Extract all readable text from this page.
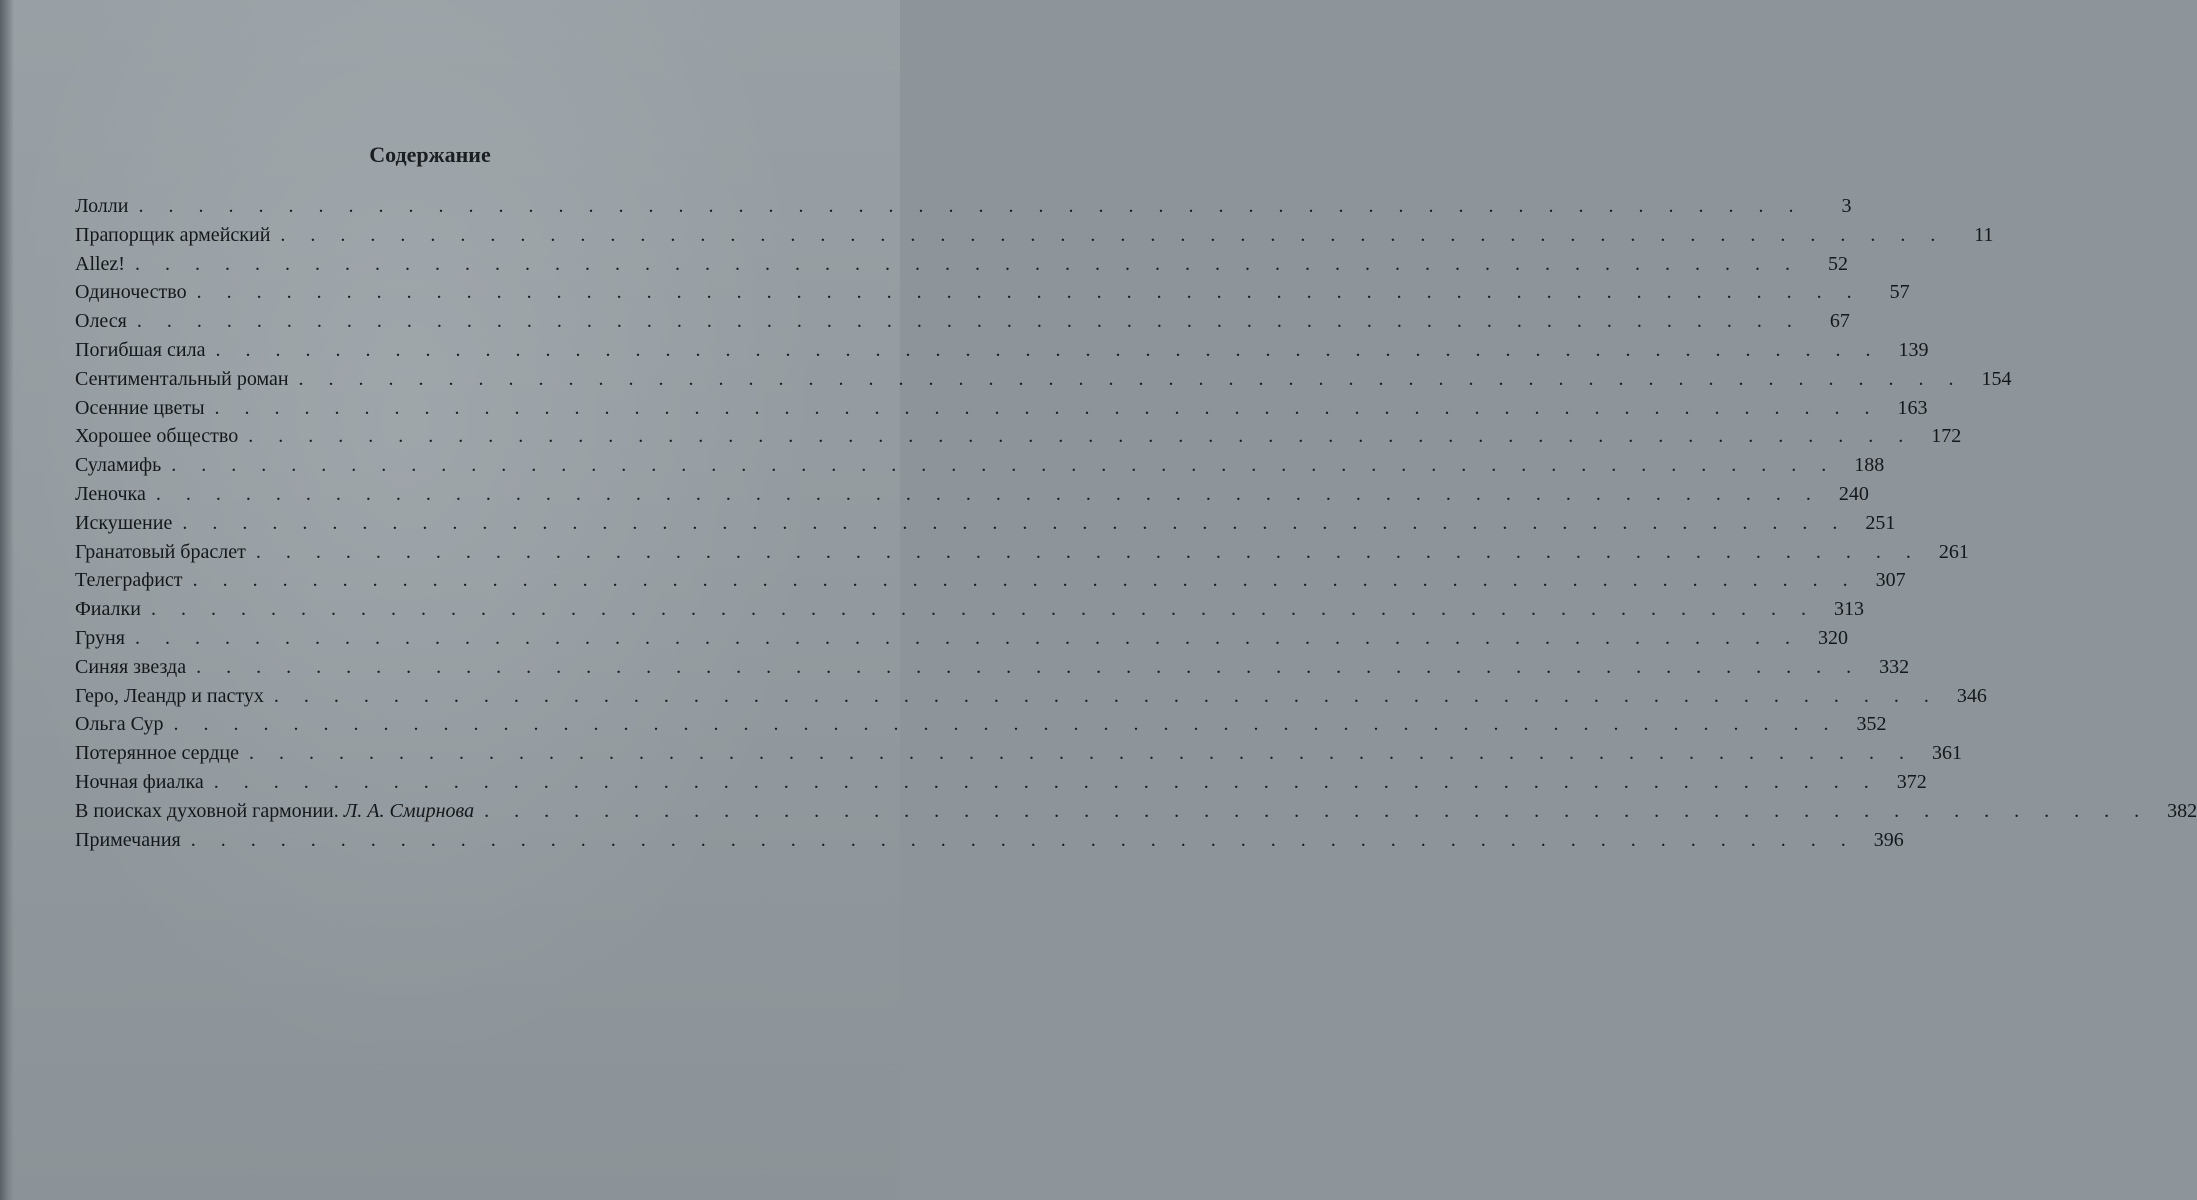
Содержание
Лолли . . . . . . . . . . . . . . . . . . . . . . . . . . . . . . . . . . . . . . . . . . . . . . . . . . . . . . . .	3
Прапорщик армейский . . . . . . . . . . . . . . . . . . . . . . . . . . . . . . . . . . . . . . . . . . . . . . . . . . . . . . . .	11
Allez! . . . . . . . . . . . . . . . . . . . . . . . . . . . . . . . . . . . . . . . . . . . . . . . . . . . . . . . .	52
Одиночество . . . . . . . . . . . . . . . . . . . . . . . . . . . . . . . . . . . . . . . . . . . . . . . . . . . . . . . .	57
Олеся . . . . . . . . . . . . . . . . . . . . . . . . . . . . . . . . . . . . . . . . . . . . . . . . . . . . . . . .	67
Погибшая сила . . . . . . . . . . . . . . . . . . . . . . . . . . . . . . . . . . . . . . . . . . . . . . . . . . . . . . . . 139
Сентиментальный роман . . . . . . . . . . . . . . . . . . . . . . . . . . . . . . . . . . . . . . . . . . . . . . . . . . . . . . . . 154
Осенние цветы . . . . . . . . . . . . . . . . . . . . . . . . . . . . . . . . . . . . . . . . . . . . . . . . . . . . . . . . 163
Хорошее общество . . . . . . . . . . . . . . . . . . . . . . . . . . . . . . . . . . . . . . . . . . . . . . . . . . . . . . . . 172
Суламифь . . . . . . . . . . . . . . . . . . . . . . . . . . . . . . . . . . . . . . . . . . . . . . . . . . . . . . . . 188
Леночка . . . . . . . . . . . . . . . . . . . . . . . . . . . . . . . . . . . . . . . . . . . . . . . . . . . . . . . . 240
Искушение . . . . . . . . . . . . . . . . . . . . . . . . . . . . . . . . . . . . . . . . . . . . . . . . . . . . . . . . 251
Гранатовый браслет . . . . . . . . . . . . . . . . . . . . . . . . . . . . . . . . . . . . . . . . . . . . . . . . . . . . . . . . 261
Телеграфист . . . . . . . . . . . . . . . . . . . . . . . . . . . . . . . . . . . . . . . . . . . . . . . . . . . . . . . . 307
Фиалки . . . . . . . . . . . . . . . . . . . . . . . . . . . . . . . . . . . . . . . . . . . . . . . . . . . . . . . . 313
Груня . . . . . . . . . . . . . . . . . . . . . . . . . . . . . . . . . . . . . . . . . . . . . . . . . . . . . . . . 320
Синяя звезда . . . . . . . . . . . . . . . . . . . . . . . . . . . . . . . . . . . . . . . . . . . . . . . . . . . . . . . . 332
Геро, Леандр и пастух . . . . . . . . . . . . . . . . . . . . . . . . . . . . . . . . . . . . . . . . . . . . . . . . . . . . . . . . 346
Ольга Сур . . . . . . . . . . . . . . . . . . . . . . . . . . . . . . . . . . . . . . . . . . . . . . . . . . . . . . . . 352
Потерянное сердце . . . . . . . . . . . . . . . . . . . . . . . . . . . . . . . . . . . . . . . . . . . . . . . . . . . . . . . . 361
Ночная фиалка . . . . . . . . . . . . . . . . . . . . . . . . . . . . . . . . . . . . . . . . . . . . . . . . . . . . . . . . 372
В поисках духовной гармонии. Л. А. Смирнова . . . . . . . . . . . . . . . . . . . . . . . . . . . . . . . . . . . . . . . . . . . . . . . . . . . . . . . . 382
Примечания . . . . . . . . . . . . . . . . . . . . . . . . . . . . . . . . . . . . . . . . . . . . . . . . . . . . . . . . 396
